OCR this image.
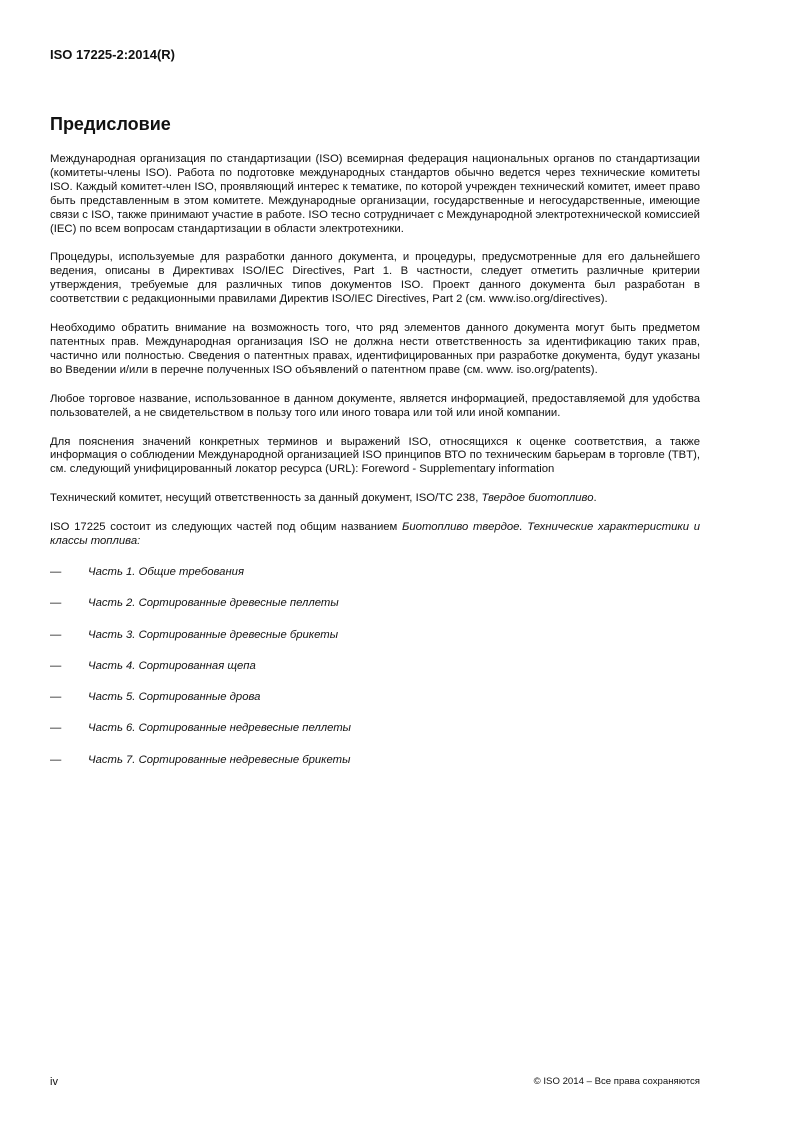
ISO 17225-2:2014(R)
Предисловие

Международная организация по стандартизации (ISO) всемирная федерация национальных органов по стандартизации (комитеты-члены ISO). Работа по подготовке международных стандартов обычно ведется через технические комитеты ISO. Каждый комитет-член ISO, проявляющий интерес к тематике, по которой учрежден технический комитет, имеет право быть представленным в этом комитете. Международные организации, государственные и негосударственные, имеющие связи с ISO, также принимают участие в работе. ISO тесно сотрудничает с Международной электротехнической комиссией (IEC) по всем вопросам стандартизации в области электротехники.

Процедуры, используемые для разработки данного документа, и процедуры, предусмотренные для его дальнейшего ведения, описаны в Директивах ISO/IEC Directives, Part 1. В частности, следует отметить различные критерии утверждения, требуемые для различных типов документов ISO. Проект данного документа был разработан в соответствии с редакционными правилами Директив ISO/IEC Directives, Part 2 (см. www.iso.org/directives).

Необходимо обратить внимание на возможность того, что ряд элементов данного документа могут быть предметом патентных прав. Международная организация ISO не должна нести ответственность за идентификацию таких прав, частично или полностью. Сведения о патентных правах, идентифицированных при разработке документа, будут указаны во Введении и/или в перечне полученных ISO объявлений о патентном праве (см. www. iso.org/patents).

Любое торговое название, использованное в данном документе, является информацией, предоставляемой для удобства пользователей, а не свидетельством в пользу того или иного товара или той или иной компании.

Для пояснения значений конкретных терминов и выражений ISO, относящихся к оценке соответствия, а также информация о соблюдении Международной организацией ISO принципов ВТО по техническим барьерам в торговле (TBT), см. следующий унифицированный локатор ресурса (URL): Foreword - Supplementary information

Технический комитет, несущий ответственность за данный документ, ISO/TC 238, Твердое биотопливо.

ISO 17225 состоит из следующих частей под общим названием Биотопливо твердое. Технические характеристики и классы топлива:

—	Часть 1. Общие требования
—	Часть 2. Сортированные древесные пеллеты
—	Часть 3. Сортированные древесные брикеты
—	Часть 4. Сортированная щепа
—	Часть 5. Сортированные дрова
—	Часть 6. Сортированные недревесные пеллеты
—	Часть 7. Сортированные недревесные брикеты
iv	© ISO 2014 – Все права сохраняются
